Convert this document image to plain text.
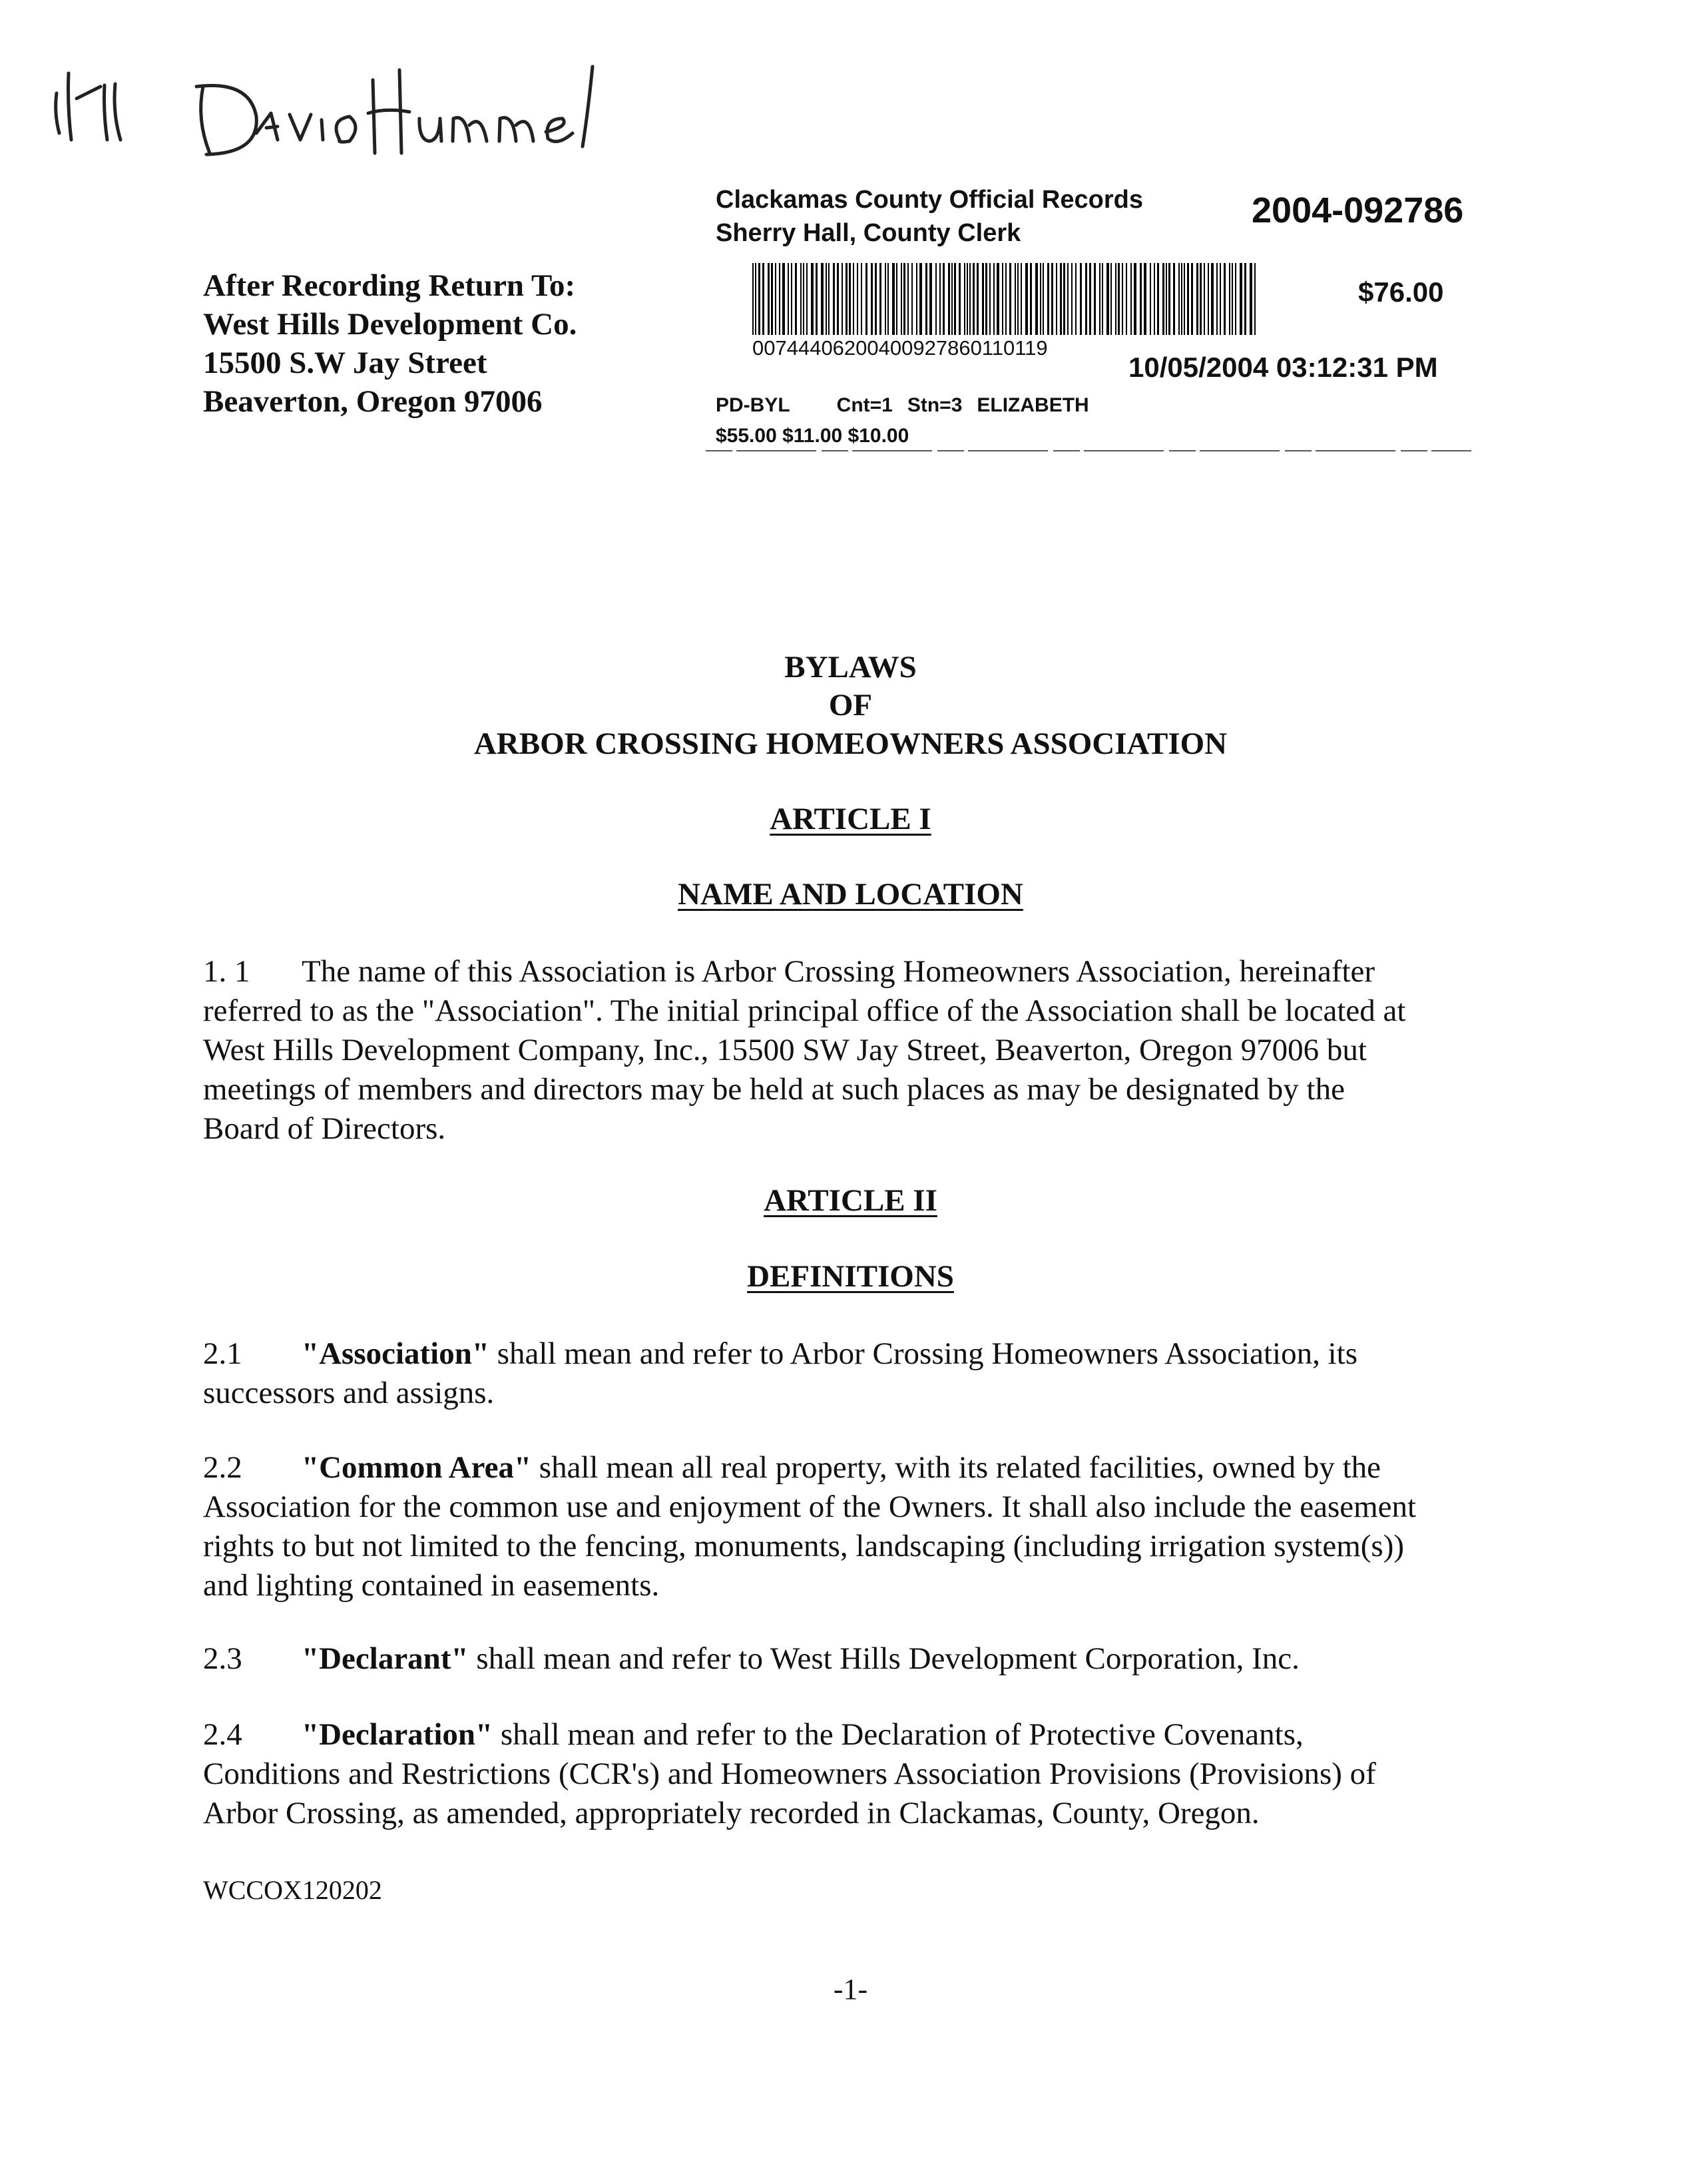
After Recording Return To:
West Hills Development Co.
15500 S.W Jay Street
Beaverton, Oregon 97006
Clackamas County Official Records
Sherry Hall, County Clerk
2004-092786
$76.00
00744406200400927860110119
10/05/2004 03:12:31 PM
PD-BYL Cnt=1 Stn=3 ELIZABETH
$55.00 $11.00 $10.00
BYLAWS
OF
ARBOR CROSSING HOMEOWNERS ASSOCIATION
ARTICLE I
NAME AND LOCATION
1. 1 The name of this Association is Arbor Crossing Homeowners Association, hereinafter
referred to as the "Association". The initial principal office of the Association shall be located at
West Hills Development Company, Inc., 15500 SW Jay Street, Beaverton, Oregon 97006 but
meetings of members and directors may be held at such places as may be designated by the
Board of Directors.
ARTICLE II
DEFINITIONS
2.1 "Association" shall mean and refer to Arbor Crossing Homeowners Association, its
successors and assigns.
2.2 "Common Area" shall mean all real property, with its related facilities, owned by the
Association for the common use and enjoyment of the Owners. It shall also include the easement
rights to but not limited to the fencing, monuments, landscaping (including irrigation system(s))
and lighting contained in easements.
2.3 "Declarant" shall mean and refer to West Hills Development Corporation, Inc.
2.4 "Declaration" shall mean and refer to the Declaration of Protective Covenants,
Conditions and Restrictions (CCR's) and Homeowners Association Provisions (Provisions) of
Arbor Crossing, as amended, appropriately recorded in Clackamas, County, Oregon.
WCCOX120202
-1-
